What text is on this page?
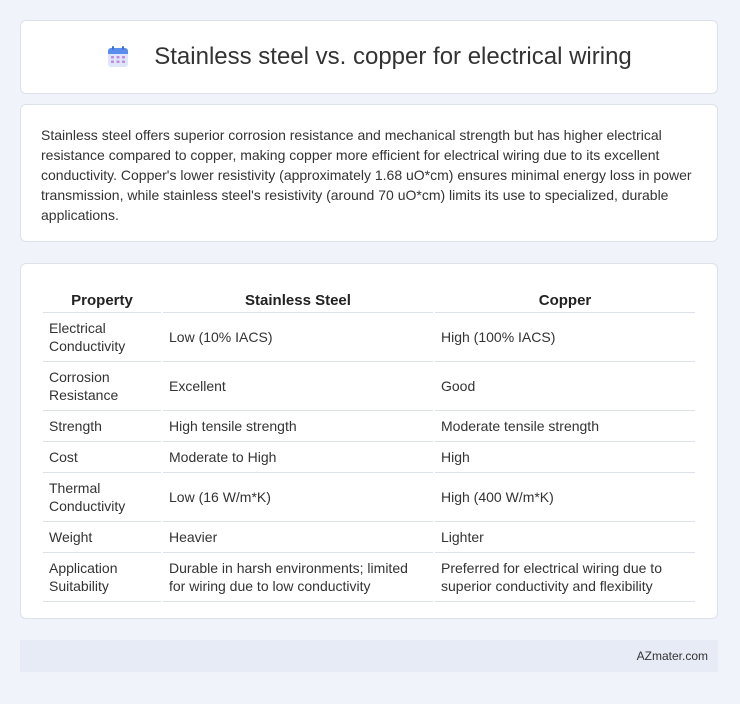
Stainless steel vs. copper for electrical wiring

Stainless steel offers superior corrosion resistance and mechanical strength but has higher electrical resistance compared to copper, making copper more efficient for electrical wiring due to its excellent conductivity. Copper's lower resistivity (approximately 1.68 uO*cm) ensures minimal energy loss in power transmission, while stainless steel's resistivity (around 70 uO*cm) limits its use to specialized, durable applications.

Property	Stainless Steel	Copper
Electrical Conductivity	Low (10% IACS)	High (100% IACS)
Corrosion Resistance	Excellent	Good
Strength	High tensile strength	Moderate tensile strength
Cost	Moderate to High	High
Thermal Conductivity	Low (16 W/m*K)	High (400 W/m*K)
Weight	Heavier	Lighter
Application Suitability	Durable in harsh environments; limited for wiring due to low conductivity	Preferred for electrical wiring due to superior conductivity and flexibility
AZmater.com
